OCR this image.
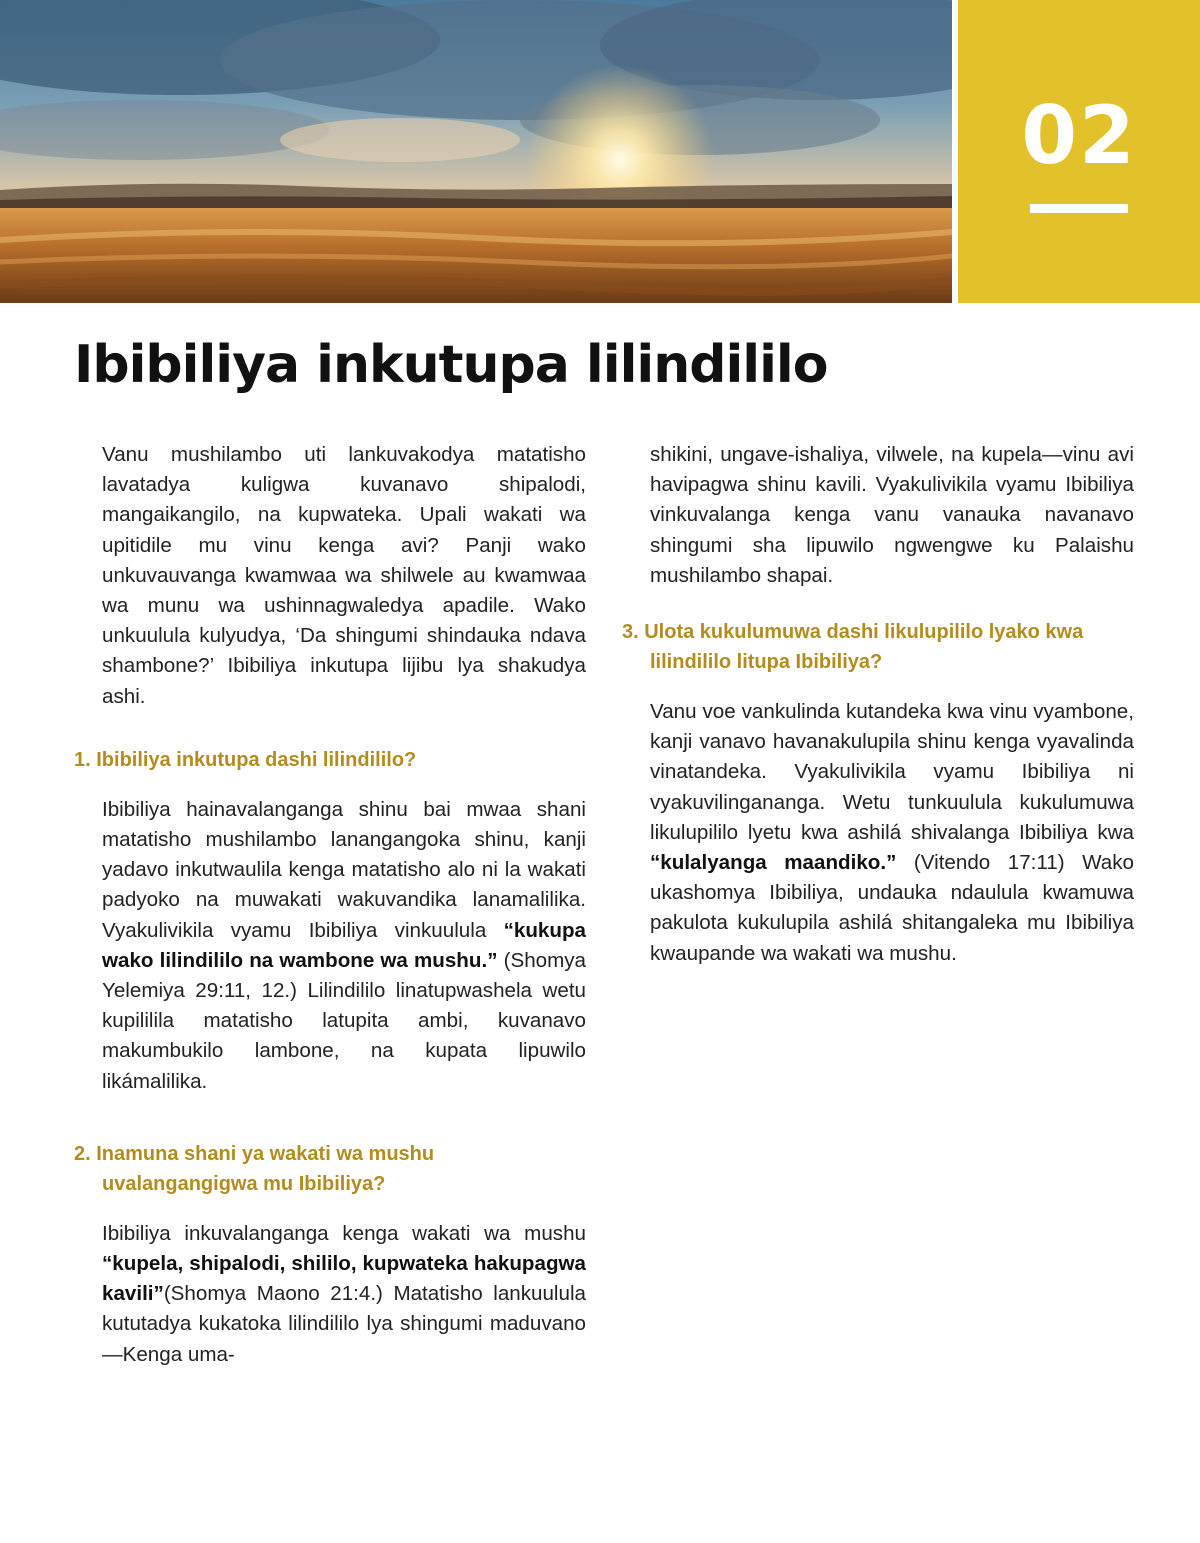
02
Ibibiliya inkutupa lilindililo

Vanu mushilambo uti lankuvakodya matatisho lavatadya kuligwa kuvanavo shipalodi, mangaikangilo, na kupwateka. Upali wakati wa upitidile mu vinu kenga avi? Panji wako unkuvauvanga kwamwaa wa shilwele au kwamwaa wa munu wa ushinnagwaledya apadile. Wako unkuulula kulyudya, ‘Da shingumi shindauka ndava shambone?’ Ibibiliya inkutupa lijibu lya shakudya ashi.

1. Ibibiliya inkutupa dashi lilindililo?

Ibibiliya hainavalanganga shinu bai mwaa shani matatisho mushilambo lanangangoka shinu, kanji yadavo inkutwaulila kenga matatisho alo ni la wakati padyoko na muwakati wakuvandika lanamalilika. Vyakulivikila vyamu Ibibiliya vinkuulula “kukupa wako lilindililo na wambone wa mushu.” (Shomya Yelemiya 29:11, 12.) Lilindililo linatupwashela wetu kupililila matatisho latupita ambi, kuvanavo makumbukilo lambone, na kupata lipuwilo likámalilika.

2. Inamuna shani ya wakati wa mushu uvalangangigwa mu Ibibiliya?

Ibibiliya inkuvalanganga kenga wakati wa mushu “kupela, shipalodi, shililo, kupwateka hakupagwa kavili”(Shomya Maono 21:4.) Matatisho lankuulula kututadya kukatoka lilindililo lya shingumi maduvano—Kenga uma-

shikini, ungave-ishaliya, vilwele, na kupela—vinu avi havipagwa shinu kavili. Vyakulivikila vyamu Ibibiliya vinkuvalanga kenga vanu vanauka navanavo shingumi sha lipuwilo ngwengwe ku Palaishu mushilambo shapai.

3. Ulota kukulumuwa dashi likulupililo lyako kwa lilindililo litupa Ibibiliya?

Vanu voe vankulinda kutandeka kwa vinu vyambone, kanji vanavo havanakulupila shinu kenga vyavalinda vinatandeka. Vyakulivikila vyamu Ibibiliya ni vyakuvilingananga. Wetu tunkuulula kukulumuwa likulupililo lyetu kwa ashilá shivalanga Ibibiliya kwa “kulalyanga maandiko.” (Vitendo 17:11) Wako ukashomya Ibibiliya, undauka ndaulula kwamuwa pakulota kukulupila ashilá shitangaleka mu Ibibiliya kwaupande wa wakati wa mushu.
